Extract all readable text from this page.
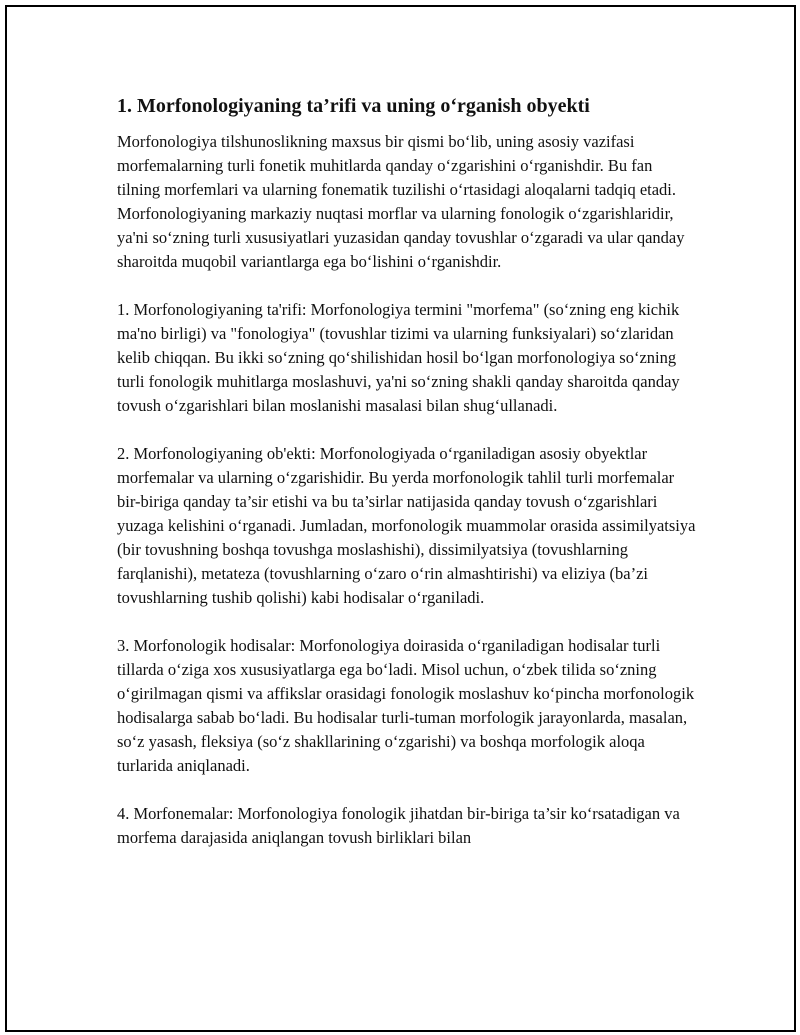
1. Morfonologiyaning ta’rifi va uning o‘rganish obyekti

Morfonologiya tilshunoslikning maxsus bir qismi bo‘lib, uning asosiy vazifasi morfemalarning turli fonetik muhitlarda qanday o‘zgarishini o‘rganishdir. Bu fan tilning morfemlari va ularning fonematik tuzilishi o‘rtasidagi aloqalarni tadqiq etadi. Morfonologiyaning markaziy nuqtasi morflar va ularning fonologik o‘zgarishlaridir, ya'ni so‘zning turli xususiyatlari yuzasidan qanday tovushlar o‘zgaradi va ular qanday sharoitda muqobil variantlarga ega bo‘lishini o‘rganishdir.

1. Morfonologiyaning ta'rifi: Morfonologiya termini "morfema" (so‘zning eng kichik ma'no birligi) va "fonologiya" (tovushlar tizimi va ularning funksiyalari) so‘zlaridan kelib chiqqan. Bu ikki so‘zning qo‘shilishidan hosil bo‘lgan morfonologiya so‘zning turli fonologik muhitlarga moslashuvi, ya'ni so‘zning shakli qanday sharoitda qanday tovush o‘zgarishlari bilan moslanishi masalasi bilan shug‘ullanadi.

2. Morfonologiyaning ob'ekti: Morfonologiyada o‘rganiladigan asosiy obyektlar morfemalar va ularning o‘zgarishidir. Bu yerda morfonologik tahlil turli morfemalar bir-biriga qanday ta’sir etishi va bu ta’sirlar natijasida qanday tovush o‘zgarishlari yuzaga kelishini o‘rganadi. Jumladan, morfonologik muammolar orasida assimilyatsiya (bir tovushning boshqa tovushga moslashishi), dissimilyatsiya (tovushlarning farqlanishi), metateza (tovushlarning o‘zaro o‘rin almashtirishi) va eliziya (ba’zi tovushlarning tushib qolishi) kabi hodisalar o‘rganiladi.

3. Morfonologik hodisalar: Morfonologiya doirasida o‘rganiladigan hodisalar turli tillarda o‘ziga xos xususiyatlarga ega bo‘ladi. Misol uchun, o‘zbek tilida so‘zning o‘girilmagan qismi va affikslar orasidagi fonologik moslashuv ko‘pincha morfonologik hodisalarga sabab bo‘ladi. Bu hodisalar turli-tuman morfologik jarayonlarda, masalan, so‘z yasash, fleksiya (so‘z shakllarining o‘zgarishi) va boshqa morfologik aloqa turlarida aniqlanadi.

4. Morfonemalar: Morfonologiya fonologik jihatdan bir-biriga ta’sir ko‘rsatadigan va morfema darajasida aniqlangan tovush birliklari bilan
